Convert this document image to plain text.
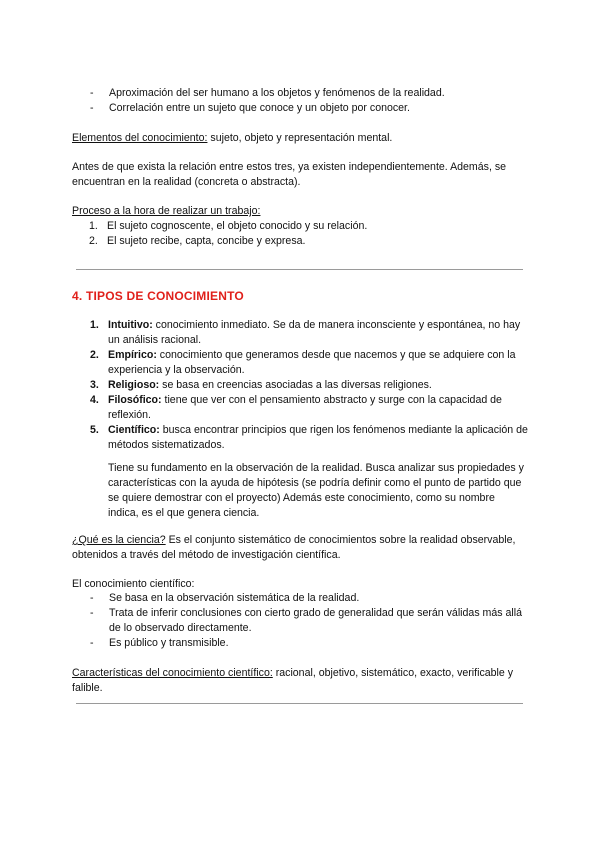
- Aproximación del ser humano a los objetos y fenómenos de la realidad.
- Correlación entre un sujeto que conoce y un objeto por conocer.

Elementos del conocimiento: sujeto, objeto y representación mental.

Antes de que exista la relación entre estos tres, ya existen independientemente. Además, se encuentran en la realidad (concreta o abstracta).

Proceso a la hora de realizar un trabajo:

1. El sujeto cognoscente, el objeto conocido y su relación.
2. El sujeto recibe, capta, concibe y expresa.
4. TIPOS DE CONOCIMIENTO
1. Intuitivo: conocimiento inmediato. Se da de manera inconsciente y espontánea, no hay un análisis racional.
2. Empírico: conocimiento que generamos desde que nacemos y que se adquiere con la experiencia y la observación.
3. Religioso: se basa en creencias asociadas a las diversas religiones.
4. Filosófico: tiene que ver con el pensamiento abstracto y surge con la capacidad de reflexión.
5. Científico: busca encontrar principios que rigen los fenómenos mediante la aplicación de métodos sistematizados.

Tiene su fundamento en la observación de la realidad. Busca analizar sus propiedades y características con la ayuda de hipótesis (se podría definir como el punto de partido que se quiere demostrar con el proyecto) Además este conocimiento, como su nombre indica, es el que genera ciencia.

¿Qué es la ciencia? Es el conjunto sistemático de conocimientos sobre la realidad observable, obtenidos a través del método de investigación científica.

El conocimiento científico:

- Se basa en la observación sistemática de la realidad.
- Trata de inferir conclusiones con cierto grado de generalidad que serán válidas más allá de lo observado directamente.
- Es público y transmisible.

Características del conocimiento científico: racional, objetivo, sistemático, exacto, verificable y falible.
